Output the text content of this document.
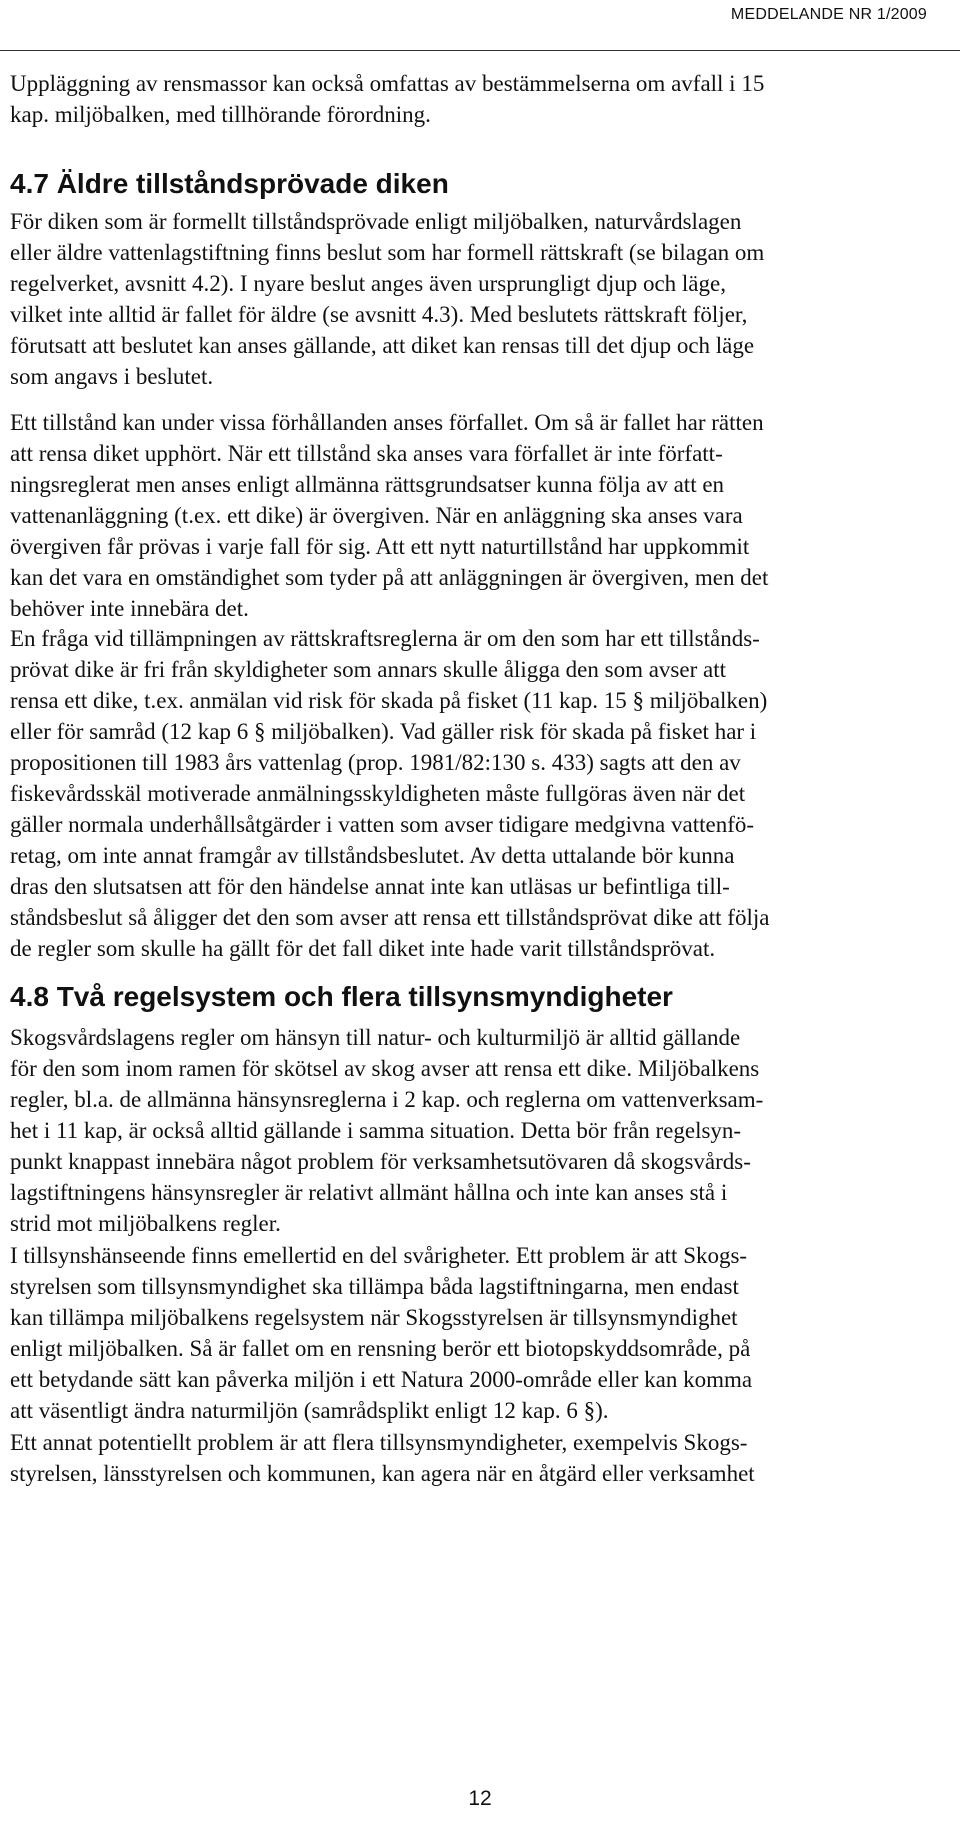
MEDDELANDE NR 1/2009
Uppläggning av rensmassor kan också omfattas av bestämmelserna om avfall i 15
kap. miljöbalken, med tillhörande förordning.
4.7 Äldre tillståndsprövade diken
För diken som är formellt tillståndsprövade enligt miljöbalken, naturvårdslagen
eller äldre vattenlagstiftning finns beslut som har formell rättskraft (se bilagan om
regelverket, avsnitt 4.2). I nyare beslut anges även ursprungligt djup och läge,
vilket inte alltid är fallet för äldre (se avsnitt 4.3). Med beslutets rättskraft följer,
förutsatt att beslutet kan anses gällande, att diket kan rensas till det djup och läge
som angavs i beslutet.
Ett tillstånd kan under vissa förhållanden anses förfallet. Om så är fallet har rätten
att rensa diket upphört. När ett tillstånd ska anses vara förfallet är inte författ-
ningsreglerat men anses enligt allmänna rättsgrundsatser kunna följa av att en
vattenanläggning (t.ex. ett dike) är övergiven. När en anläggning ska anses vara
övergiven får prövas i varje fall för sig. Att ett nytt naturtillstånd har uppkommit
kan det vara en omständighet som tyder på att anläggningen är övergiven, men det
behöver inte innebära det.
En fråga vid tillämpningen av rättskraftsreglerna är om den som har ett tillstånds-
prövat dike är fri från skyldigheter som annars skulle åligga den som avser att
rensa ett dike, t.ex. anmälan vid risk för skada på fisket (11 kap. 15 § miljöbalken)
eller för samråd (12 kap 6 § miljöbalken). Vad gäller risk för skada på fisket har i
propositionen till 1983 års vattenlag (prop. 1981/82:130 s. 433) sagts att den av
fiskevårdsskäl motiverade anmälningsskyldigheten måste fullgöras även när det
gäller normala underhållsåtgärder i vatten som avser tidigare medgivna vattenfö-
retag, om inte annat framgår av tillståndsbeslutet. Av detta uttalande bör kunna
dras den slutsatsen att för den händelse annat inte kan utläsas ur befintliga till-
ståndsbeslut så åligger det den som avser att rensa ett tillståndsprövat dike att följa
de regler som skulle ha gällt för det fall diket inte hade varit tillståndsprövat.
4.8 Två regelsystem och flera tillsynsmyndigheter
Skogsvårdslagens regler om hänsyn till natur- och kulturmiljö är alltid gällande
för den som inom ramen för skötsel av skog avser att rensa ett dike. Miljöbalkens
regler, bl.a. de allmänna hänsynsreglerna i 2 kap. och reglerna om vattenverksam-
het i 11 kap, är också alltid gällande i samma situation. Detta bör från regelsyn-
punkt knappast innebära något problem för verksamhetsutövaren då skogsvårds-
lagstiftningens hänsynsregler är relativt allmänt hållna och inte kan anses stå i
strid mot miljöbalkens regler.
I tillsynshänseende finns emellertid en del svårigheter. Ett problem är att Skogs-
styrelsen som tillsynsmyndighet ska tillämpa båda lagstiftningarna, men endast
kan tillämpa miljöbalkens regelsystem när Skogsstyrelsen är tillsynsmyndighet
enligt miljöbalken. Så är fallet om en rensning berör ett biotopskyddsområde, på
ett betydande sätt kan påverka miljön i ett Natura 2000-område eller kan komma
att väsentligt ändra naturmiljön (samrådsplikt enligt 12 kap. 6 §).
Ett annat potentiellt problem är att flera tillsynsmyndigheter, exempelvis Skogs-
styrelsen, länsstyrelsen och kommunen, kan agera när en åtgärd eller verksamhet
12
